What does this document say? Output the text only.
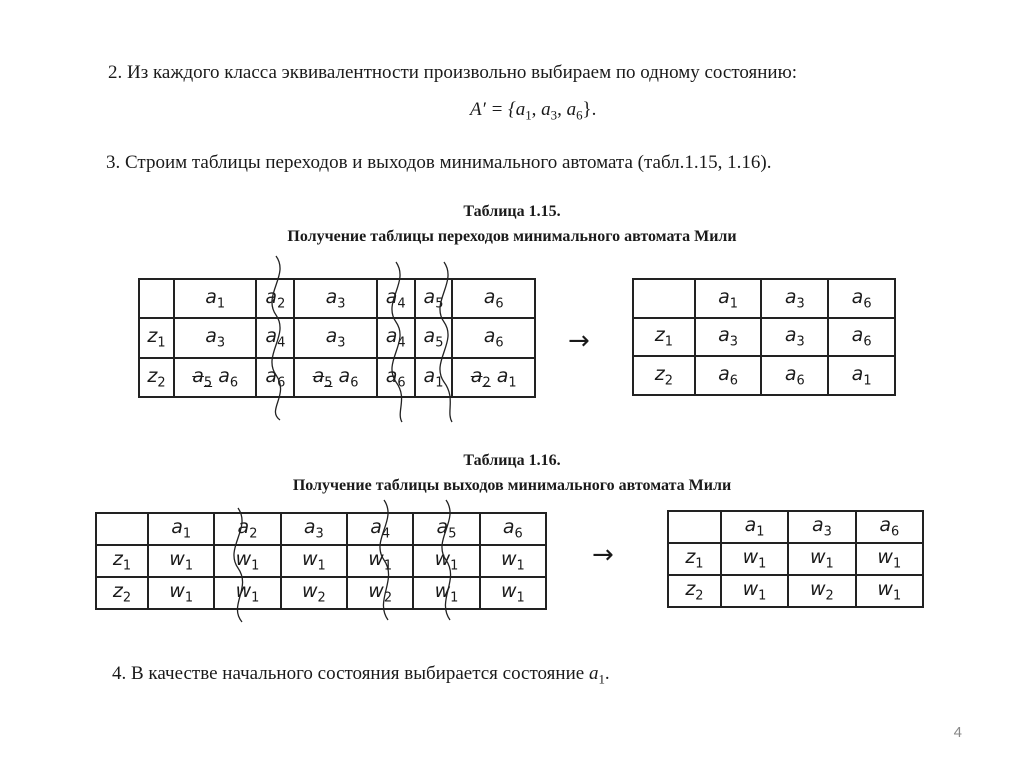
2. Из каждого класса эквивалентности произвольно выбираем по одному состоянию:
$A' = \{a_1$, $a_3$, $a_6$}.
3. Строим таблицы переходов и выходов минимального автомата (табл.1.15, 1.16).
Таблица 1.15.
Получение таблицы переходов минимального автомата Мили
	$a_1$	$a_2$	$a_3$	$a_4$	$a_5$	$a_6$
$z_1$	$a_3$	$a_4$	$a_3$	$a_4$	$a_5$	$a_6$
$z_2$	$a_5$ $a_6$	$a_6$	$a_5$ $a_6$	$a_6$	$a_1$	$a_2$ $a_1$
→
	$a_1$	$a_3$	$a_6$
$z_1$	$a_3$	$a_3$	$a_6$
$z_2$	$a_6$	$a_6$	$a_1$
Таблица 1.16.
Получение таблицы выходов минимального автомата Мили
	$a_1$	$a_2$	$a_3$	$a_4$	$a_5$	$a_6$
$z_1$	$w_1$	$w_1$	$w_1$	$w_1$	$w_1$	$w_1$
$z_2$	$w_1$	$w_1$	$w_2$	$w_2$	$w_1$	$w_1$
→
	$a_1$	$a_3$	$a_6$
$z_1$	$w_1$	$w_1$	$w_1$
$z_2$	$w_1$	$w_2$	$w_1$
4. В качестве начального состояния выбирается состояние $a_1$.
4
